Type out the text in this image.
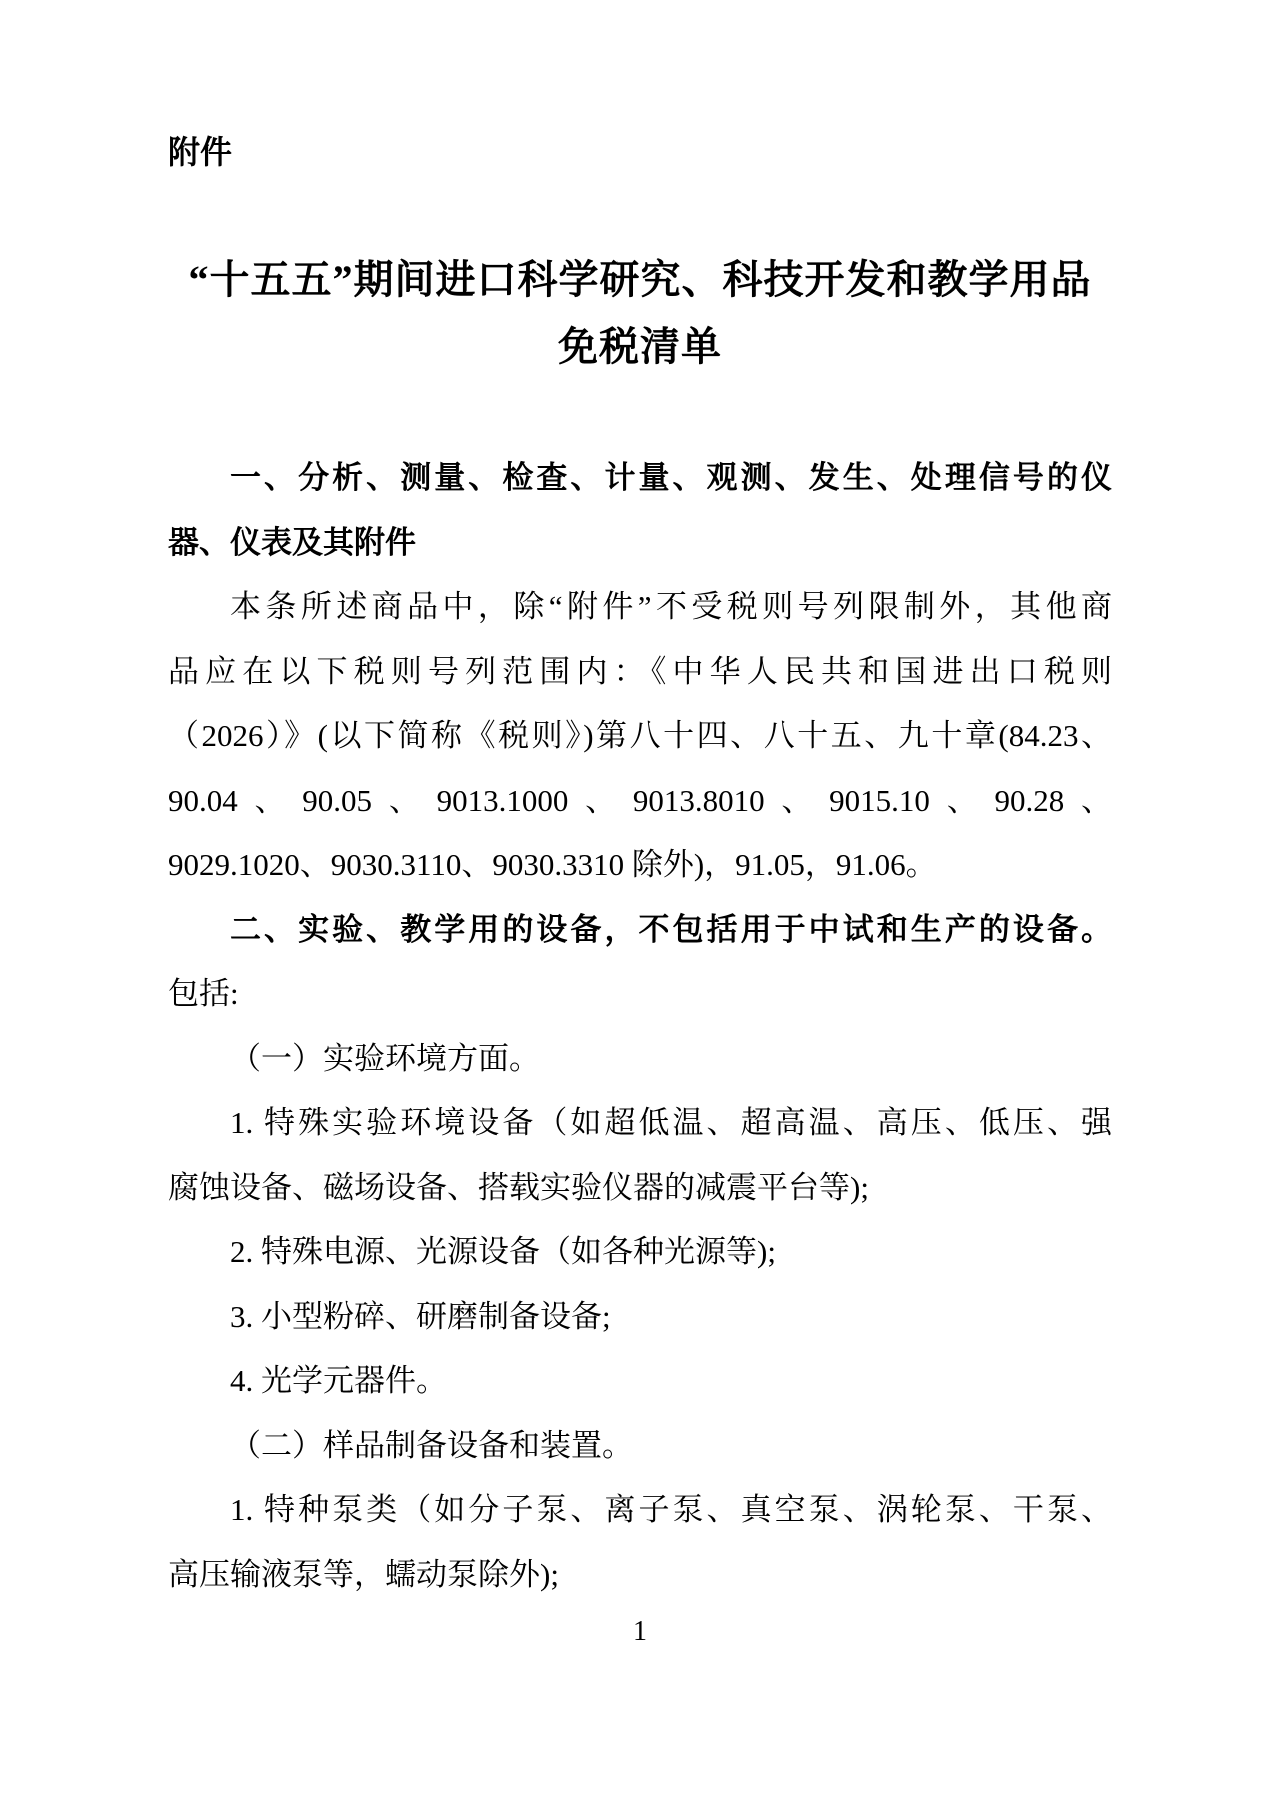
附件
“十五五”期间进口科学研究、科技开发和教学用品
免税清单
一、分析、测量、检查、计量、观测、发生、处理信号的仪
器、仪表及其附件
本条所述商品中，除“附件”不受税则号列限制外，其他商
品应在以下税则号列范围内：《中华人民共和国进出口税则
（2026）》(以下简称《税则》)第八十四、八十五、九十章(84.23、
90.04、90.05、9013.1000、9013.8010、9015.10、90.28、
9029.1020、9030.3110、9030.3310 除外)，91.05，91.06。
二、实验、教学用的设备，不包括用于中试和生产的设备。
包括:
（一）实验环境方面。
1. 特殊实验环境设备（如超低温、超高温、高压、低压、强
腐蚀设备、磁场设备、搭载实验仪器的减震平台等);
2. 特殊电源、光源设备（如各种光源等);
3. 小型粉碎、研磨制备设备;
4. 光学元器件。
（二）样品制备设备和装置。
1. 特种泵类（如分子泵、离子泵、真空泵、涡轮泵、干泵、
高压输液泵等，蠕动泵除外);
1
